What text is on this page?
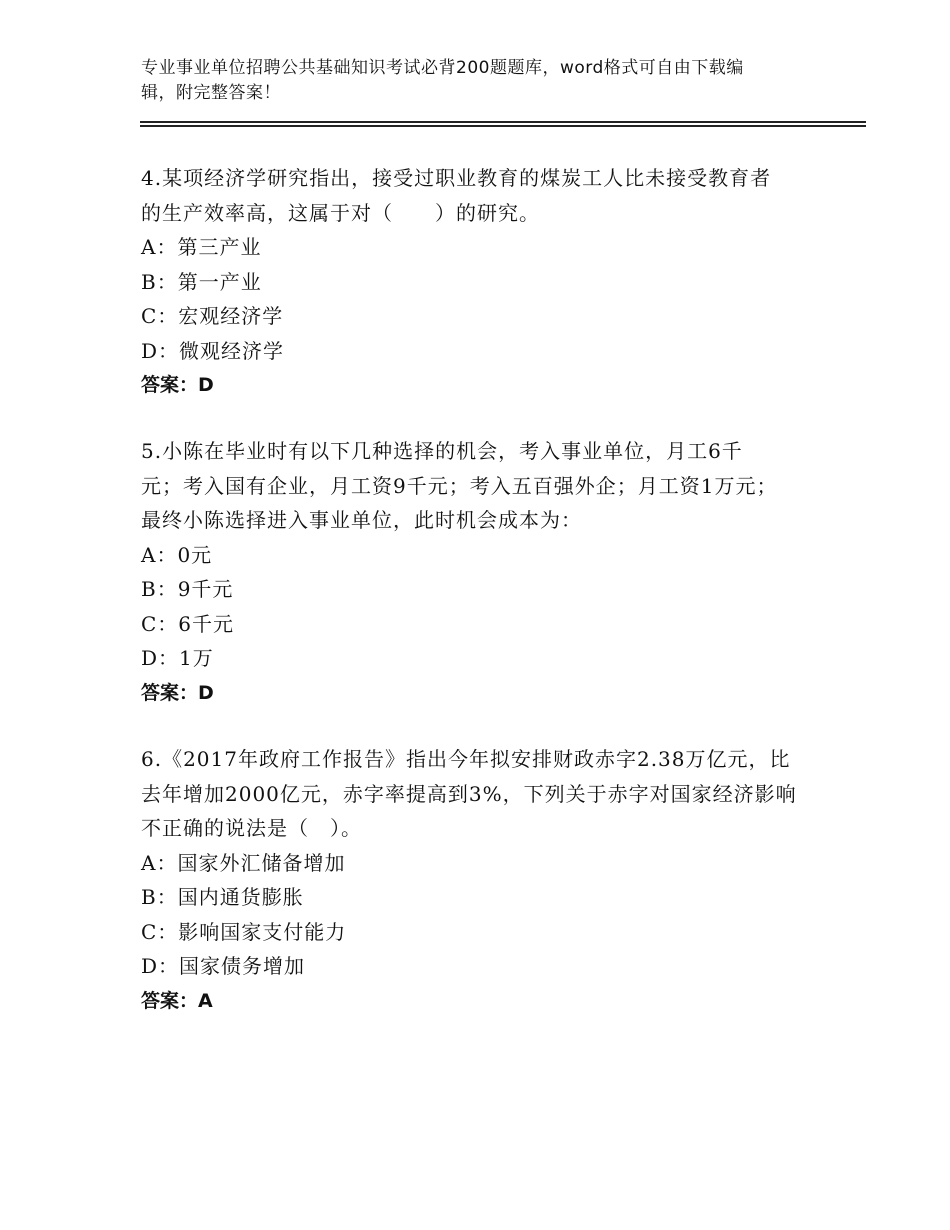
专业事业单位招聘公共基础知识考试必背200题题库，word格式可自由下载编
辑，附完整答案！
4.某项经济学研究指出，接受过职业教育的煤炭工人比未接受教育者
的生产效率高，这属于对（　　）的研究。
A：第三产业
B：第一产业
C：宏观经济学
D：微观经济学
答案：D
5.小陈在毕业时有以下几种选择的机会，考入事业单位，月工6千
元；考入国有企业，月工资9千元；考入五百强外企；月工资1万元；
最终小陈选择进入事业单位，此时机会成本为：
A：0元
B：9千元
C：6千元
D：1万
答案：D
6.《2017年政府工作报告》指出今年拟安排财政赤字2.38万亿元，比
去年增加2000亿元，赤字率提高到3%，下列关于赤字对国家经济影响
不正确的说法是（　）。
A：国家外汇储备增加
B：国内通货膨胀
C：影响国家支付能力
D：国家债务增加
答案：A
